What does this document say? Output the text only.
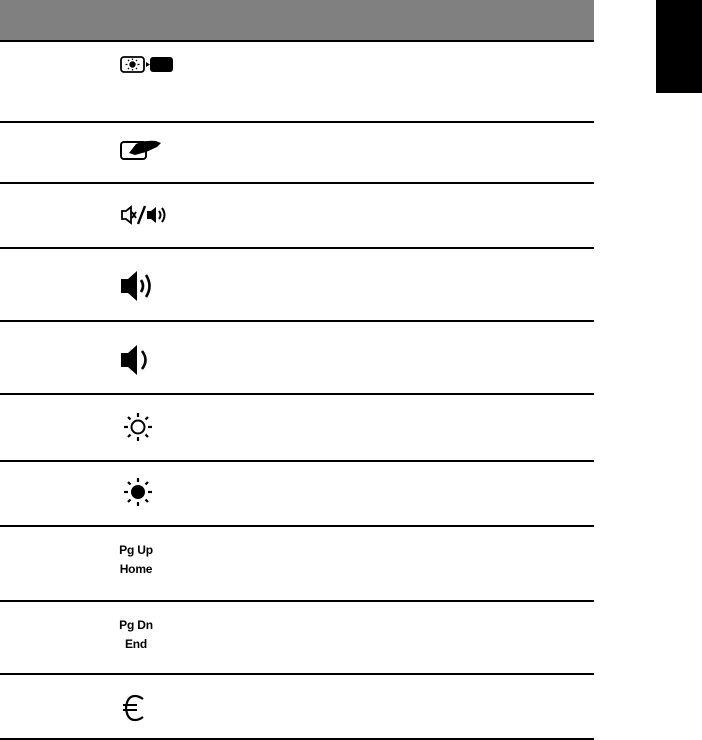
Pg Up
Home
Pg Dn
End
